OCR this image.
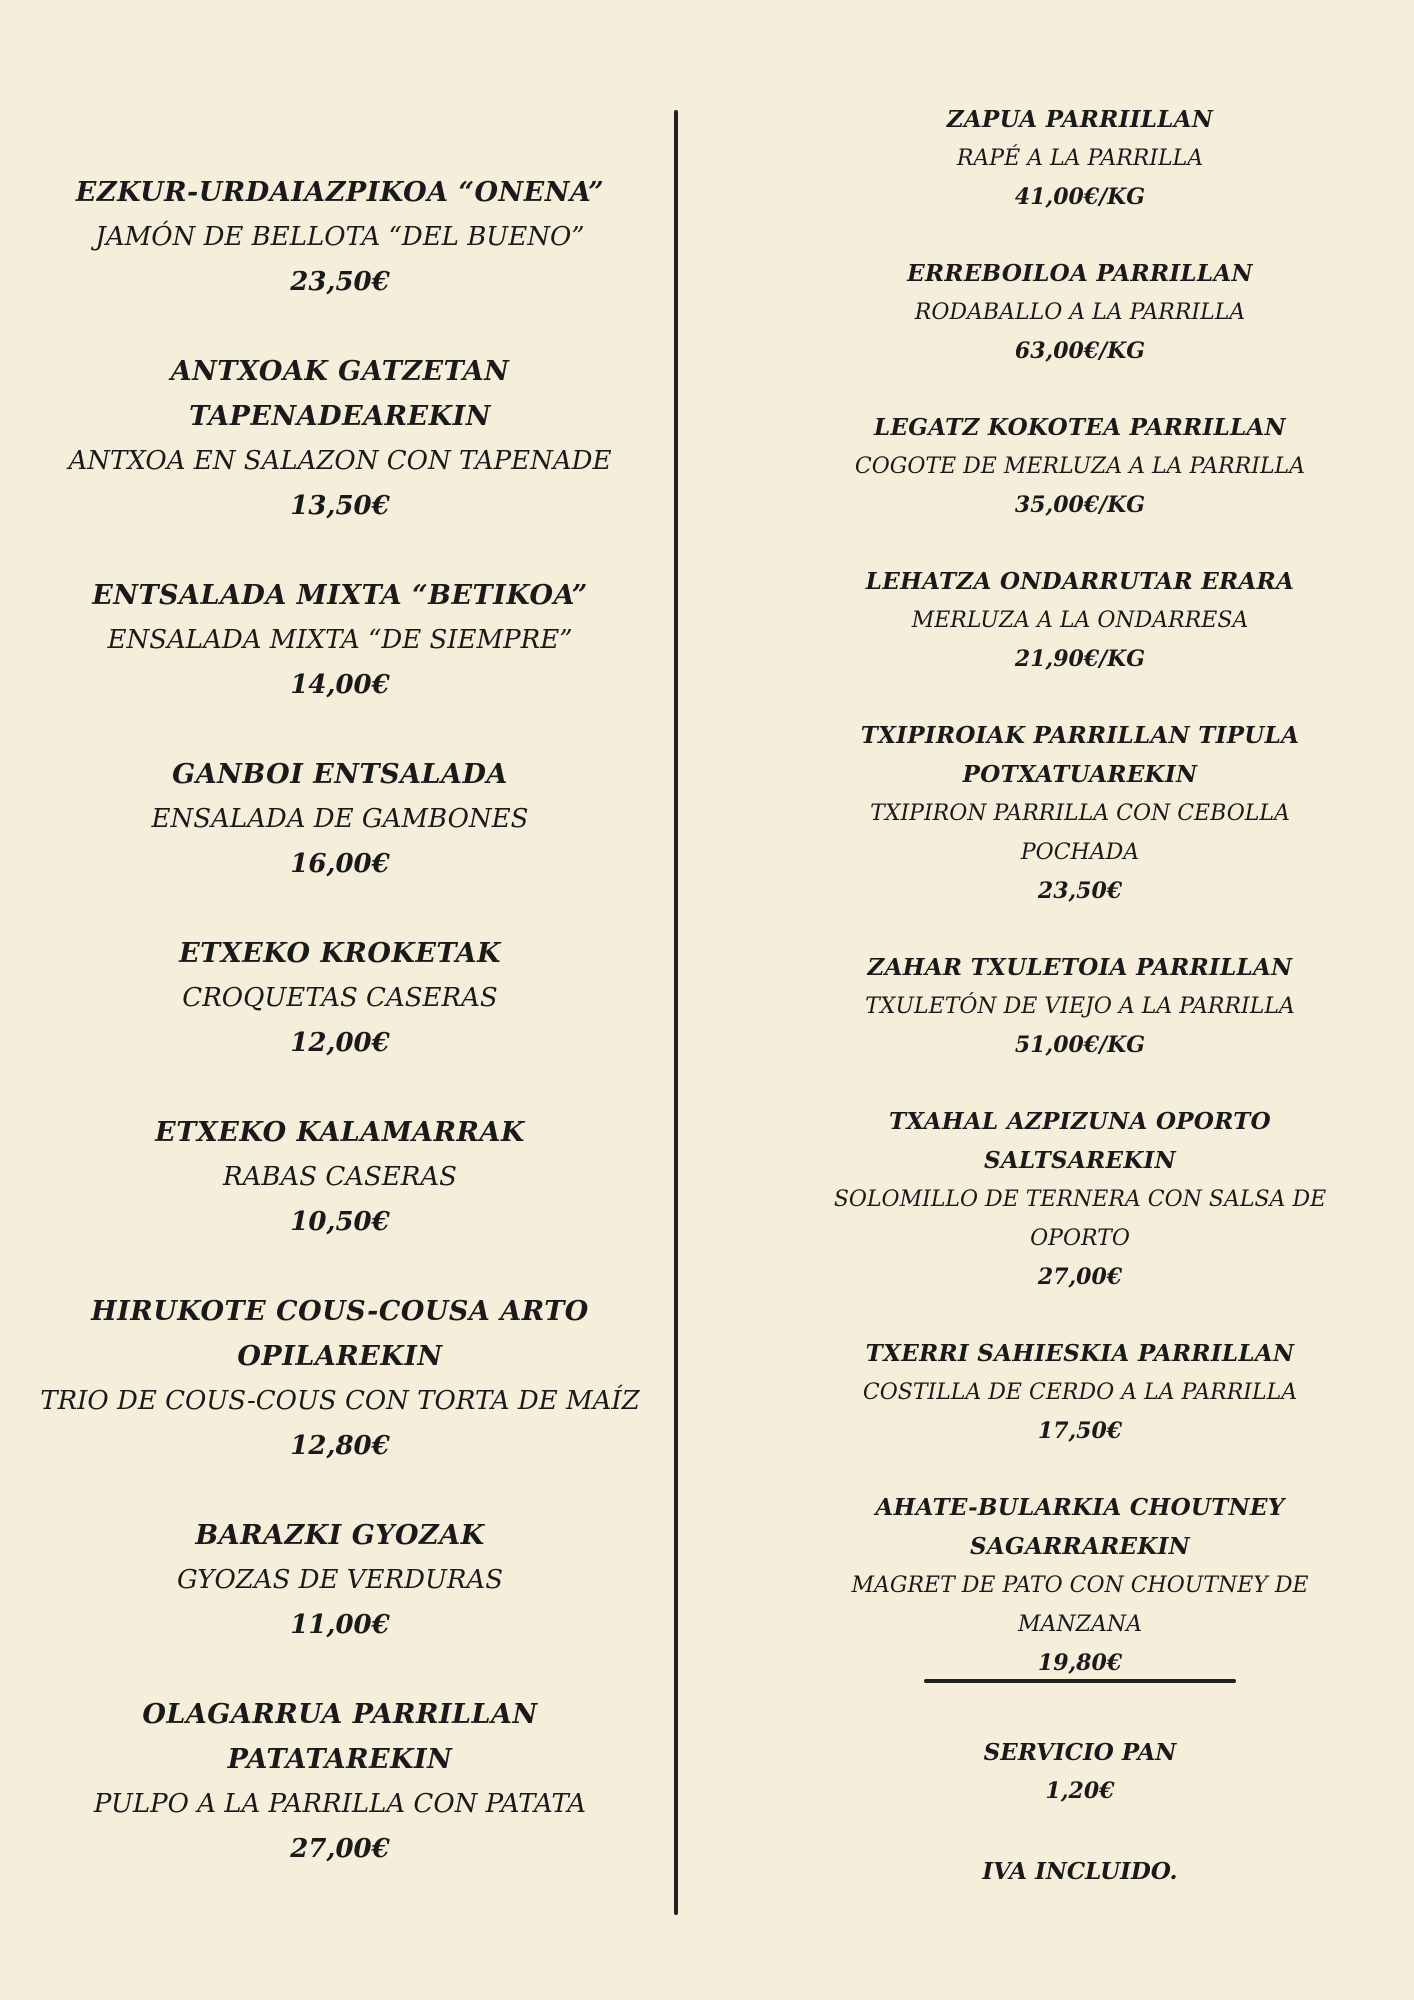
EZKUR-URDAIAZPIKOA “ONENA”
JAMÓN DE BELLOTA “DEL BUENO”
23,50€
ANTXOAK GATZETAN
TAPENADEAREKIN
ANTXOA EN SALAZON CON TAPENADE
13,50€
ENTSALADA MIXTA “BETIKOA”
ENSALADA MIXTA “DE SIEMPRE”
14,00€
GANBOI ENTSALADA
ENSALADA DE GAMBONES
16,00€
ETXEKO KROKETAK
CROQUETAS CASERAS
12,00€
ETXEKO KALAMARRAK
RABAS CASERAS
10,50€
HIRUKOTE COUS-COUSA ARTO
OPILAREKIN
TRIO DE COUS-COUS CON TORTA DE MAÍZ
12,80€
BARAZKI GYOZAK
GYOZAS DE VERDURAS
11,00€
OLAGARRUA PARRILLAN PATATAREKIN
PULPO A LA PARRILLA CON PATATA
27,00€
ZAPUA PARRIILLAN
RAPÉ A LA PARRILLA
41,00€/KG
ERREBOILOA PARRILLAN
RODABALLO A LA PARRILLA
63,00€/KG
LEGATZ KOKOTEA PARRILLAN
COGOTE DE MERLUZA A LA PARRILLA
35,00€/KG
LEHATZA ONDARRUTAR ERARA
MERLUZA A LA ONDARRESA
21,90€/KG
TXIPIROIAK PARRILLAN TIPULA
POTXATUAREKIN
TXIPIRON PARRILLA CON CEBOLLA
POCHADA
23,50€
ZAHAR TXULETOIA PARRILLAN
TXULETÓN DE VIEJO A LA PARRILLA
51,00€/KG
TXAHAL AZPIZUNA OPORTO SALTSAREKIN
SOLOMILLO DE TERNERA CON SALSA DE
OPORTO
27,00€
TXERRI SAHIESKIA PARRILLAN
COSTILLA DE CERDO A LA PARRILLA
17,50€
AHATE-BULARKIA CHOUTNEY
SAGARRAREKIN
MAGRET DE PATO CON CHOUTNEY DE
MANZANA
19,80€
SERVICIO PAN
1,20€
IVA INCLUIDO.
